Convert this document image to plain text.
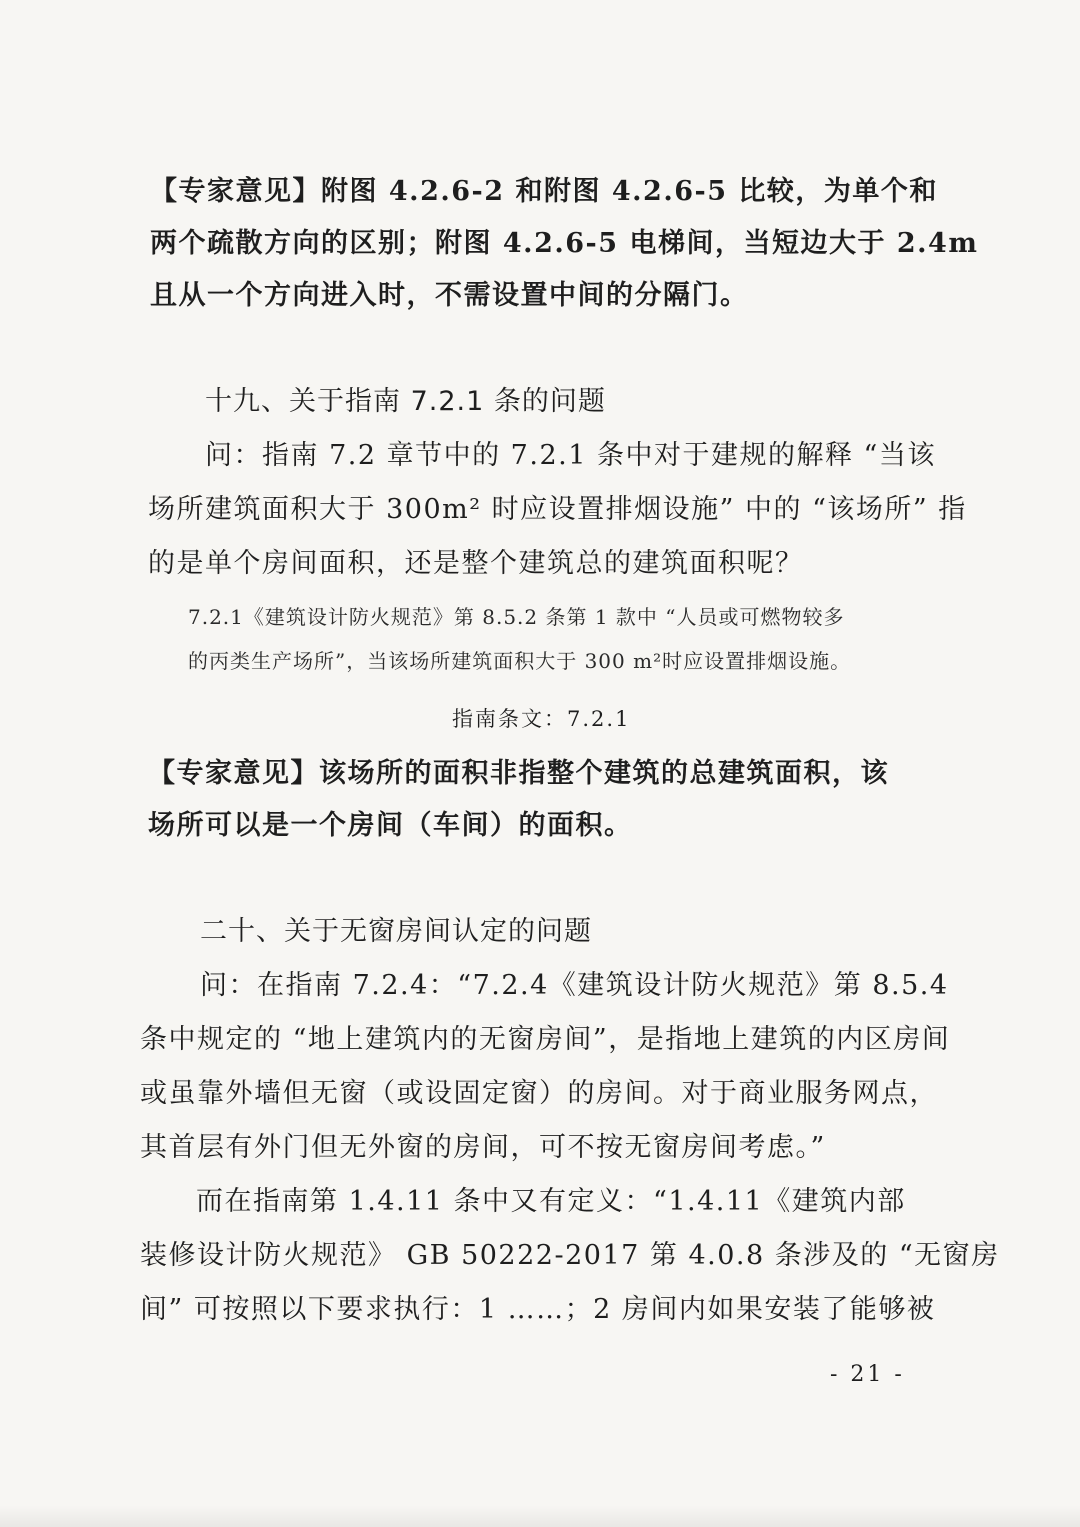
【专家意见】附图 4.2.6-2 和附图 4.2.6-5 比较，为单个和
两个疏散方向的区别；附图 4.2.6-5 电梯间，当短边大于 2.4m
且从一个方向进入时，不需设置中间的分隔门。
十九、关于指南 7.2.1 条的问题
问：指南 7.2 章节中的 7.2.1 条中对于建规的解释 “当该
场所建筑面积大于 300m² 时应设置排烟设施” 中的 “该场所” 指
的是单个房间面积，还是整个建筑总的建筑面积呢？
7.2.1《建筑设计防火规范》第 8.5.2 条第 1 款中 “人员或可燃物较多
的丙类生产场所”，当该场所建筑面积大于 300 m²时应设置排烟设施。
指南条文：7.2.1
【专家意见】该场所的面积非指整个建筑的总建筑面积，该
场所可以是一个房间（车间）的面积。
二十、关于无窗房间认定的问题
问：在指南 7.2.4：“7.2.4《建筑设计防火规范》第 8.5.4
条中规定的 “地上建筑内的无窗房间”，是指地上建筑的内区房间
或虽靠外墙但无窗（或设固定窗）的房间。对于商业服务网点，
其首层有外门但无外窗的房间，可不按无窗房间考虑。”
而在指南第 1.4.11 条中又有定义：“1.4.11《建筑内部
装修设计防火规范》 GB 50222-2017 第 4.0.8 条涉及的 “无窗房
间” 可按照以下要求执行：1 ……；2 房间内如果安装了能够被
- 21 -
